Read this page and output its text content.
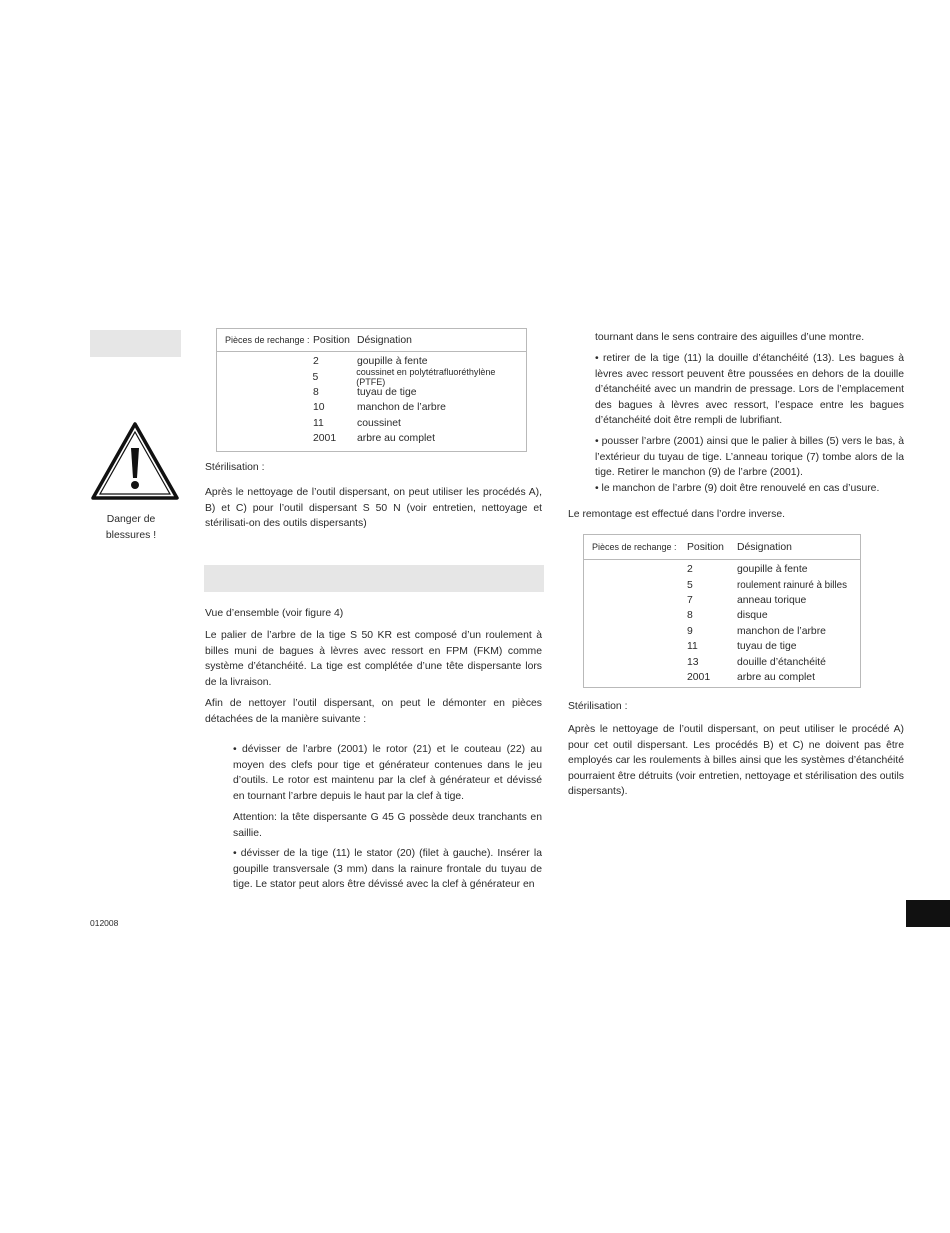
Danger de
blessures !
012008
Pièces de rechange : Position Désignation
2	goupille à fente
5	coussinet en polytétrafluoréthylène (PTFE)
8	tuyau de tige
10	manchon de l’arbre
11	coussinet
2001	arbre au complet
Stérilisation :

Après le nettoyage de l’outil dispersant, on peut utiliser les procédés A), B) et C) pour l’outil dispersant S 50 N (voir entretien, nettoyage et stérilisati-on des outils dispersants)

Vue d’ensemble (voir figure 4)

Le palier de l’arbre de la tige S 50 KR est composé d’un roulement à billes muni de bagues à lèvres avec ressort en FPM (FKM) comme système d’étanchéité. La tige est complétée d’une tête dispersante lors de la livraison.

Afin de nettoyer l’outil dispersant, on peut le démonter en pièces détachées de la manière suivante :

• dévisser de l’arbre (2001) le rotor (21) et le couteau (22) au moyen des clefs pour tige et générateur contenues dans le jeu d’outils. Le rotor est maintenu par la clef à générateur et dévissé en tournant l’arbre depuis le haut par la clef à tige.

Attention: la tête dispersante G 45 G possède deux tranchants en saillie.

• dévisser de la tige (11) le stator (20) (filet à gauche). Insérer la goupille transversale (3 mm) dans la rainure frontale du tuyau de tige. Le stator peut alors être dévissé avec la clef à générateur en

tournant dans le sens contraire des aiguilles d’une montre.

• retirer de la tige (11) la douille d’étanchéité (13). Les bagues à lèvres avec ressort peuvent être poussées en dehors de la douille d’étanchéité avec un mandrin de pressage. Lors de l’emplacement des bagues à lèvres avec ressort, l’espace entre les bagues d’étanchéité doit être rempli de lubrifiant.

• pousser l’arbre (2001) ainsi que le palier à billes (5) vers le bas, à l’extérieur du tuyau de tige. L’anneau torique (7) tombe alors de la tige. Retirer le manchon (9) de l’arbre (2001).

• le manchon de l’arbre (9) doit être renouvelé en cas d’usure.

Le remontage est effectué dans l’ordre inverse.
Pièces de rechange :	Position	Désignation
2	goupille à fente
5	roulement rainuré à billes
7	anneau torique
8	disque
9	manchon de l’arbre
11	tuyau de tige
13	douille d’étanchéité
2001	arbre au complet
Stérilisation :

Après le nettoyage de l’outil dispersant, on peut utiliser le procédé A) pour cet outil dispersant. Les procédés B) et C) ne doivent pas être employés car les roulements à billes ainsi que les systèmes d’étanchéité pourraient être détruits (voir entretien, nettoyage et stérilisation des outils dispersants).
